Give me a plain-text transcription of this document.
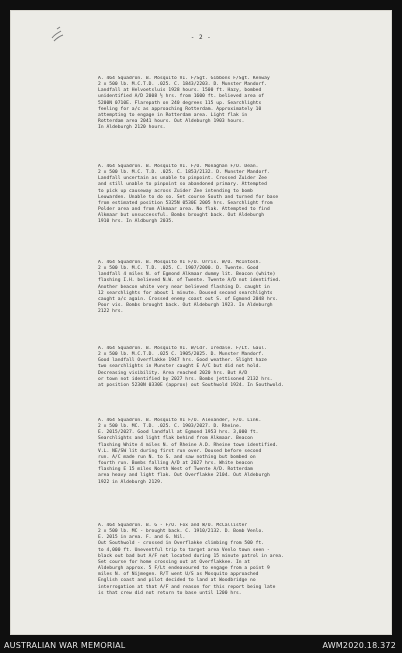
- 2 -
A. 464 Squadron. B. Mosquito VI. F/Sgt. Gibbons F/Sgt. Kenway
2 x 500 lb. M.C.T.D. .025. C. 1843/2203. D. Munster Mandorf.
Landfall at Helvoetsluis 1928 hours. 1500 ft. Hazy, bombed
unidentified A/D 2008 ½ hrs. from 1600 ft. believed area of
5200N 0710E. Flarepath on 240 degrees 115 up. Searchlights
feeling for a/c as approaching Rotterdam. Approximately 10
attempting to engage in Rotterdam area. Light flak in
Rotterdam area 2041 hours. Out Aldeburgh 1903 hours.
In Aldeburgh 2120 hours.
A. 464 Squadron. B. Mosquito VI. F/O. Monaghan F/O. Dean.
2 x 500 lb. M.C. T.D. .025. C. 1853/2132. D. Munster Mandorf.
Landfall uncertain as unable to pinpoint. Crossed Zuider Zee
and still unable to pinpoint so abandoned primary. Attempted
to pick up causeway across Zuider Zee intending to bomb
Leuwarden. Unable to do so. Set course South and turned for base
from estimated position 5325N 0530E 2005 hrs. Searchlight from
Polder area and from Alkmaar area. No flak. Attempted to find
Alkmaar but unsuccessful. Bombs brought back. Out Aldeburgh
1910 hrs. In Aldburgh 2035.
A. 464 Squadron. B. Mosquito VI F/O. Orris. W/O. McIntosh.
2 x 500 lb. M.C. T.D. .025. C. 1907/2000. D. Twente. Good
landfall 4 miles N. of Egmond Alkmaar dummy lit. Beacon (white)
flashing I.H. believed N.W. of Twente. Twente A/D not identified.
Another beacon white very near believed flashing D. caught in
12 searchlights for about 1 minute. Doused second searchlights
caught a/c again. Crossed enemy coast out S. of Egmond 2048 hrs.
Poor vis. Bombs brought back. Out Aldeburgh 1923. In Aldeburgh
2122 hrs.
A. 464 Squadron. B. Mosquito VI. W/Cdr. Iredale. F/Lt. Gaul.
2 x 500 lb. M.C.T.D. .025 C. 1905/2025. D. Munster Mandorf.
Good landfall Overflakke 1947 hrs. Good weather. Slight haze
two searchlights in Munster caught E A/C but did not hold.
Decreasing visibility. Area reached 2020 hrs. But A/D
or town not identified by 2027 hrs. Bombs jettisoned 2132 hrs.
at position 5230N 0330E (approx) out Southwold 1924. In Southwold.
A. 464 Squadron. B. Mosquito VI F/O. Alexander, F/O. Link.
2 x 500 lb. MC. T.D. .025. C. 1903/2027. D. Rheine.
E. 2015/2027. Good landfall at Egmond 1953 hrs. 3,000 ft.
Searchlights and light flak behind from Alkmaar. Beacon
flashing White 4 miles N. of Rheine A.D. Rheine town identified.
V.L. NE/SW lit during first run over. Doused before second
run. A/C made run N. to S. and saw nothing but bombed on
fourth run. Bombs falling A/D at 2027 hrs. White beacon
flashing E 15 miles North West of Twente A/D. Rotterdam
area heavy and light flak. Out Overflakke 2104. Out Aldeburgh
1922 in Aldeburgh 2129.
A. 464 Squadron. B. G - F/O. Fox and W/O. McCallister
2 x 500 lb. MC - brought back. C. 1910/2132. D. Bomb Venlo.
E. 2015 in area. F. and G. Nil.
Out Southwold - crossed in Overflakke climbing from 500 ft.
to 4,000 ft. Uneventful trip to target area Venlo town seen -
black out bad but A/F not located during 15 minute patrol in area.
Set course for home crossing out at Overflakkee. In at
Aldeburgh approx. 5 F/Lt endeavoured to engage from a point 9
miles N. of Nijmegen. R/T went U/S as Mosquito approached
English coast and pilot decided to land at Woodbridge no
interrogation at that A/F and reason for this report being late
is that crew did not return to base until 1200 hrs.
AUSTRALIAN WAR MEMORIAL	AWM2020.18.372
